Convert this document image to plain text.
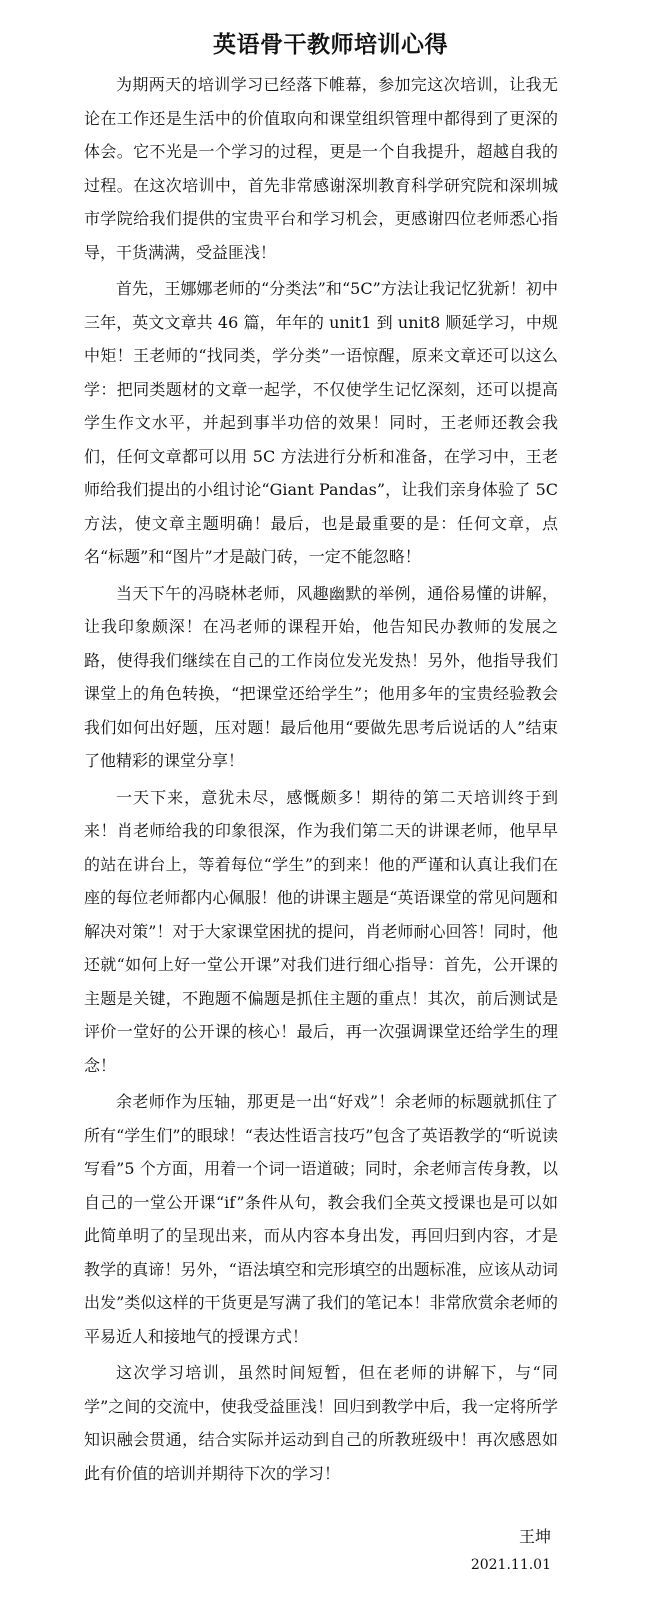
英语骨干教师培训心得

为期两天的培训学习已经落下帷幕，参加完这次培训，让我无论在工作还是生活中的价值取向和课堂组织管理中都得到了更深的体会。它不光是一个学习的过程，更是一个自我提升，超越自我的过程。在这次培训中，首先非常感谢深圳教育科学研究院和深圳城市学院给我们提供的宝贵平台和学习机会，更感谢四位老师悉心指导，干货满满，受益匪浅！

首先，王娜娜老师的“分类法”和“5C”方法让我记忆犹新！初中三年，英文文章共 46 篇，年年的 unit1 到 unit8 顺延学习，中规中矩！王老师的“找同类，学分类”一语惊醒，原来文章还可以这么学：把同类题材的文章一起学，不仅使学生记忆深刻，还可以提高学生作文水平，并起到事半功倍的效果！同时，王老师还教会我们，任何文章都可以用 5C 方法进行分析和准备，在学习中，王老师给我们提出的小组讨论“Giant Pandas”，让我们亲身体验了 5C 方法，使文章主题明确！最后，也是最重要的是：任何文章，点名“标题”和“图片”才是敲门砖，一定不能忽略！

当天下午的冯晓林老师，风趣幽默的举例，通俗易懂的讲解，让我印象颇深！在冯老师的课程开始，他告知民办教师的发展之路，使得我们继续在自己的工作岗位发光发热！另外，他指导我们课堂上的角色转换，“把课堂还给学生”；他用多年的宝贵经验教会我们如何出好题，压对题！最后他用“要做先思考后说话的人”结束了他精彩的课堂分享！

一天下来，意犹未尽，感慨颇多！期待的第二天培训终于到来！肖老师给我的印象很深，作为我们第二天的讲课老师，他早早的站在讲台上，等着每位“学生”的到来！他的严谨和认真让我们在座的每位老师都内心佩服！他的讲课主题是“英语课堂的常见问题和解决对策”！对于大家课堂困扰的提问，肖老师耐心回答！同时，他还就“如何上好一堂公开课”对我们进行细心指导：首先，公开课的主题是关键，不跑题不偏题是抓住主题的重点！其次，前后测试是评价一堂好的公开课的核心！最后，再一次强调课堂还给学生的理念！

余老师作为压轴，那更是一出“好戏”！余老师的标题就抓住了所有“学生们”的眼球！“表达性语言技巧”包含了英语教学的“听说读写看”5 个方面，用着一个词一语道破；同时，余老师言传身教，以自己的一堂公开课“if”条件从句，教会我们全英文授课也是可以如此简单明了的呈现出来，而从内容本身出发，再回归到内容，才是教学的真谛！另外，“语法填空和完形填空的出题标准，应该从动词出发”类似这样的干货更是写满了我们的笔记本！非常欣赏余老师的平易近人和接地气的授课方式！

这次学习培训，虽然时间短暂，但在老师的讲解下，与“同学”之间的交流中，使我受益匪浅！回归到教学中后，我一定将所学知识融会贯通，结合实际并运动到自己的所教班级中！再次感恩如此有价值的培训并期待下次的学习！

王坤
2021.11.01
